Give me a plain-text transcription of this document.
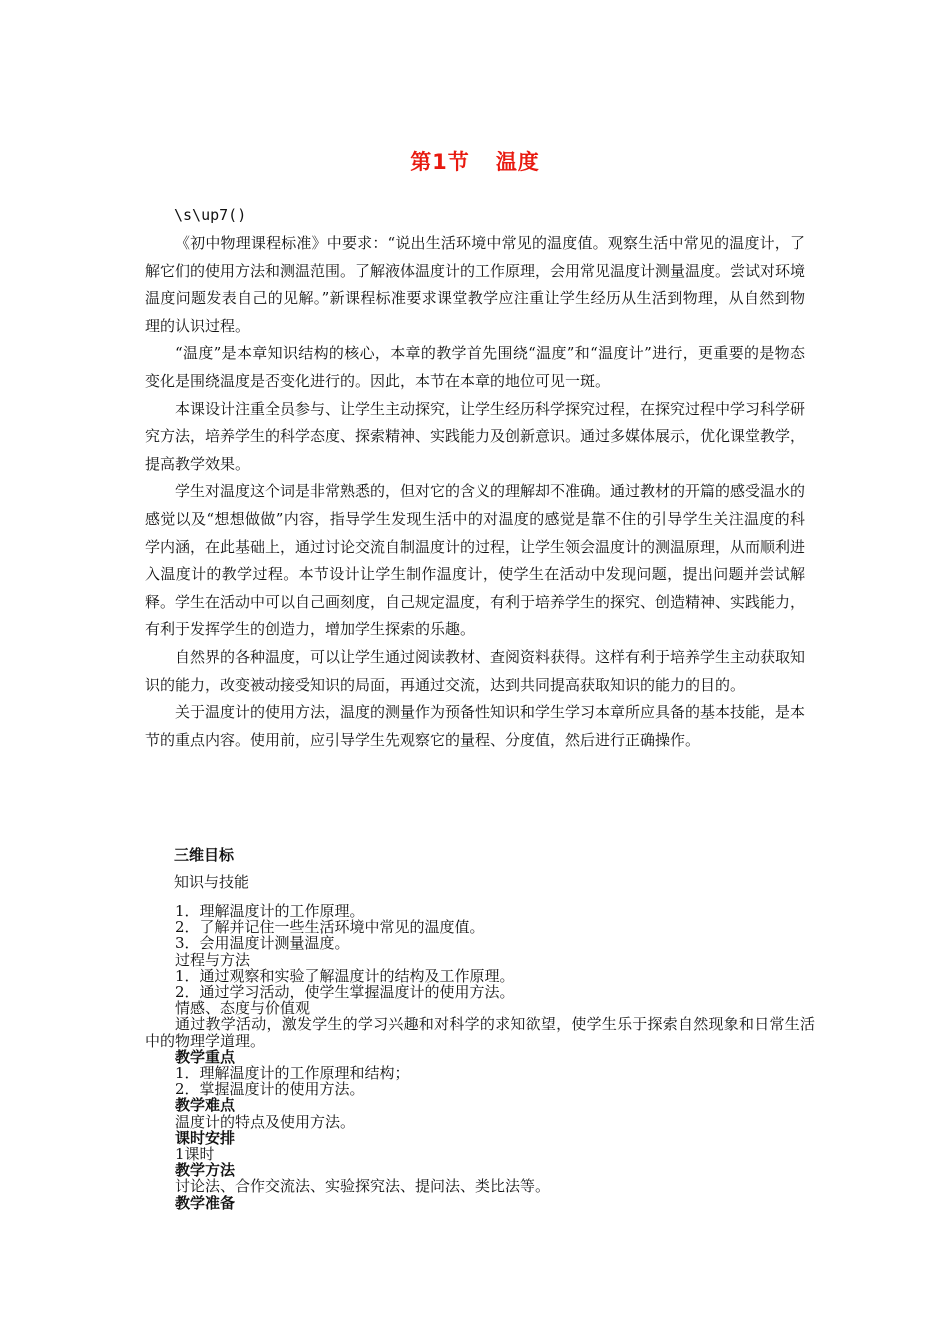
第1节 温度
\s\up7()

《初中物理课程标准》中要求：“说出生活环境中常见的温度值。观察生活中常见的温度计，了解它们的使用方法和测温范围。了解液体温度计的工作原理，会用常见温度计测量温度。尝试对环境温度问题发表自己的见解。”新课程标准要求课堂教学应注重让学生经历从生活到物理，从自然到物理的认识过程。

“温度”是本章知识结构的核心，本章的教学首先围绕“温度”和“温度计”进行，更重要的是物态变化是围绕温度是否变化进行的。因此，本节在本章的地位可见一斑。

本课设计注重全员参与、让学生主动探究，让学生经历科学探究过程，在探究过程中学习科学研究方法，培养学生的科学态度、探索精神、实践能力及创新意识。通过多媒体展示，优化课堂教学，提高教学效果。

学生对温度这个词是非常熟悉的，但对它的含义的理解却不准确。通过教材的开篇的感受温水的感觉以及“想想做做”内容，指导学生发现生活中的对温度的感觉是靠不住的引导学生关注温度的科学内涵，在此基础上，通过讨论交流自制温度计的过程，让学生领会温度计的测温原理，从而顺利进入温度计的教学过程。本节设计让学生制作温度计，使学生在活动中发现问题，提出问题并尝试解释。学生在活动中可以自己画刻度，自己规定温度，有利于培养学生的探究、创造精神、实践能力，有利于发挥学生的创造力，增加学生探索的乐趣。

自然界的各种温度，可以让学生通过阅读教材、查阅资料获得。这样有利于培养学生主动获取知识的能力，改变被动接受知识的局面，再通过交流，达到共同提高获取知识的能力的目的。

关于温度计的使用方法，温度的测量作为预备性知识和学生学习本章所应具备的基本技能，是本节的重点内容。使用前，应引导学生先观察它的量程、分度值，然后进行正确操作。

三维目标
知识与技能
1．理解温度计的工作原理。
2．了解并记住一些生活环境中常见的温度值。
3．会用温度计测量温度。
过程与方法
1．通过观察和实验了解温度计的结构及工作原理。
2．通过学习活动，使学生掌握温度计的使用方法。
情感、态度与价值观
通过教学活动，激发学生的学习兴趣和对科学的求知欲望，使学生乐于探索自然现象和日常生活中的物理学道理。
教学重点
1．理解温度计的工作原理和结构；
2．掌握温度计的使用方法。
教学难点
温度计的特点及使用方法。
课时安排
1课时
教学方法
讨论法、合作交流法、实验探究法、提问法、类比法等。
教学准备
